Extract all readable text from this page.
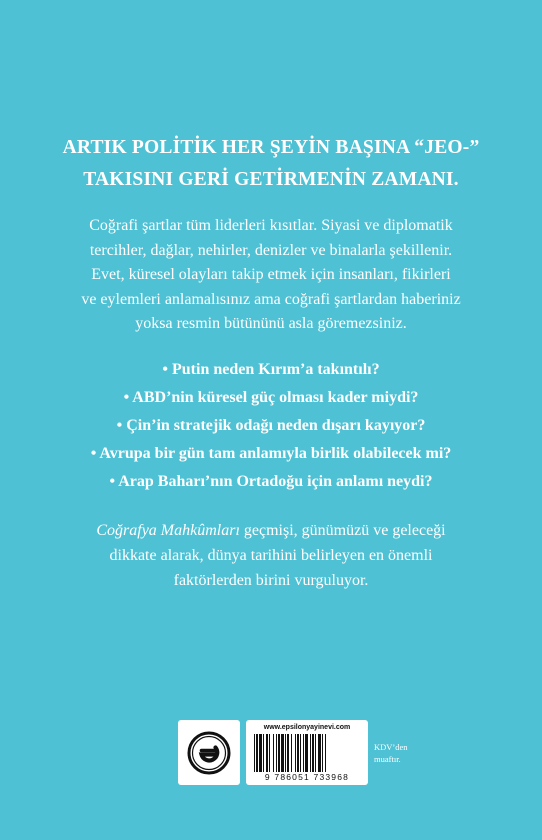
ARTIK POLİTİK HER ŞEYİN BAŞINA “JEO-”
TAKISINI GERİ GETİRMENİN ZAMANI.
Coğrafi şartlar tüm liderleri kısıtlar. Siyasi ve diplomatik
tercihler, dağlar, nehirler, denizler ve binalarla şekillenir.
Evet, küresel olayları takip etmek için insanları, fikirleri
ve eylemleri anlamalısınız ama coğrafi şartlardan haberiniz
yoksa resmin bütününü asla göremezsiniz.
• Putin neden Kırım’a takıntılı?
• ABD’nin küresel güç olması kader miydi?
• Çin’in stratejik odağı neden dışarı kayıyor?
• Avrupa bir gün tam anlamıyla birlik olabilecek mi?
• Arap Baharı’nın Ortadoğu için anlamı neydi?
Coğrafya Mahkûmları geçmişi, günümüzü ve geleceği
dikkate alarak, dünya tarihini belirleyen en önemli
faktörlerden birini vurguluyor.
www.epsilonyayinevi.com
9 786051 733968
KDV’den
muaftır.
